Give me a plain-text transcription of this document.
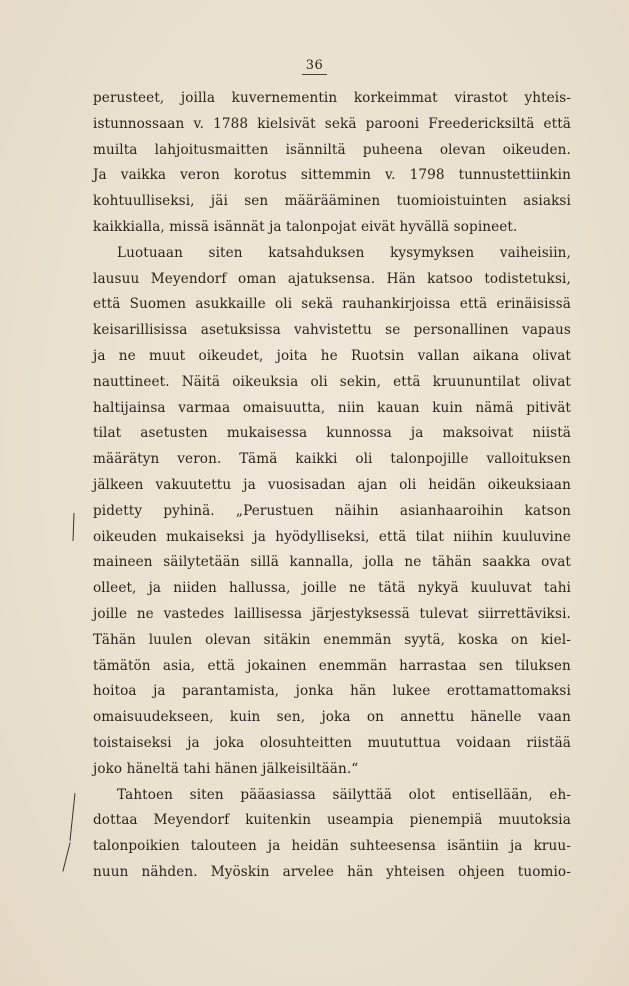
36
perusteet, joilla kuvernementin korkeimmat virastot yhteis-
istunnossaan v. 1788 kielsivät sekä parooni Freedericksiltä että
muilta lahjoitusmaitten isänniltä puheena olevan oikeuden.
Ja vaikka veron korotus sittemmin v. 1798 tunnustettiinkin
kohtuulliseksi, jäi sen määrääminen tuomioistuinten asiaksi
kaikkialla, missä isännät ja talonpojat eivät hyvällä sopineet.
Luotuaan siten katsahduksen kysymyksen vaiheisiin,
lausuu Meyendorf oman ajatuksensa. Hän katsoo todistetuksi,
että Suomen asukkaille oli sekä rauhankirjoissa että erinäisissä
keisarillisissa asetuksissa vahvistettu se personallinen vapaus
ja ne muut oikeudet, joita he Ruotsin vallan aikana olivat
nauttineet. Näitä oikeuksia oli sekin, että kruununtilat olivat
haltijainsa varmaa omaisuutta, niin kauan kuin nämä pitivät
tilat asetusten mukaisessa kunnossa ja maksoivat niistä
määrätyn veron. Tämä kaikki oli talonpojille valloituksen
jälkeen vakuutettu ja vuosisadan ajan oli heidän oikeuksiaan
pidetty pyhinä. „Perustuen näihin asianhaaroihin katson
oikeuden mukaiseksi ja hyödylliseksi, että tilat niihin kuuluvine
maineen säilytetään sillä kannalla, jolla ne tähän saakka ovat
olleet, ja niiden hallussa, joille ne tätä nykyä kuuluvat tahi
joille ne vastedes laillisessa järjestyksessä tulevat siirrettäviksi.
Tähän luulen olevan sitäkin enemmän syytä, koska on kiel-
tämätön asia, että jokainen enemmän harrastaa sen tiluksen
hoitoa ja parantamista, jonka hän lukee erottamattomaksi
omaisuudekseen, kuin sen, joka on annettu hänelle vaan
toistaiseksi ja joka olosuhteitten muututtua voidaan riistää
joko häneltä tahi hänen jälkeisiltään.“
Tahtoen siten pääasiassa säilyttää olot entisellään, eh-
dottaa Meyendorf kuitenkin useampia pienempiä muutoksia
talonpoikien talouteen ja heidän suhteesensa isäntiin ja kruu-
nuun nähden. Myöskin arvelee hän yhteisen ohjeen tuomio-
